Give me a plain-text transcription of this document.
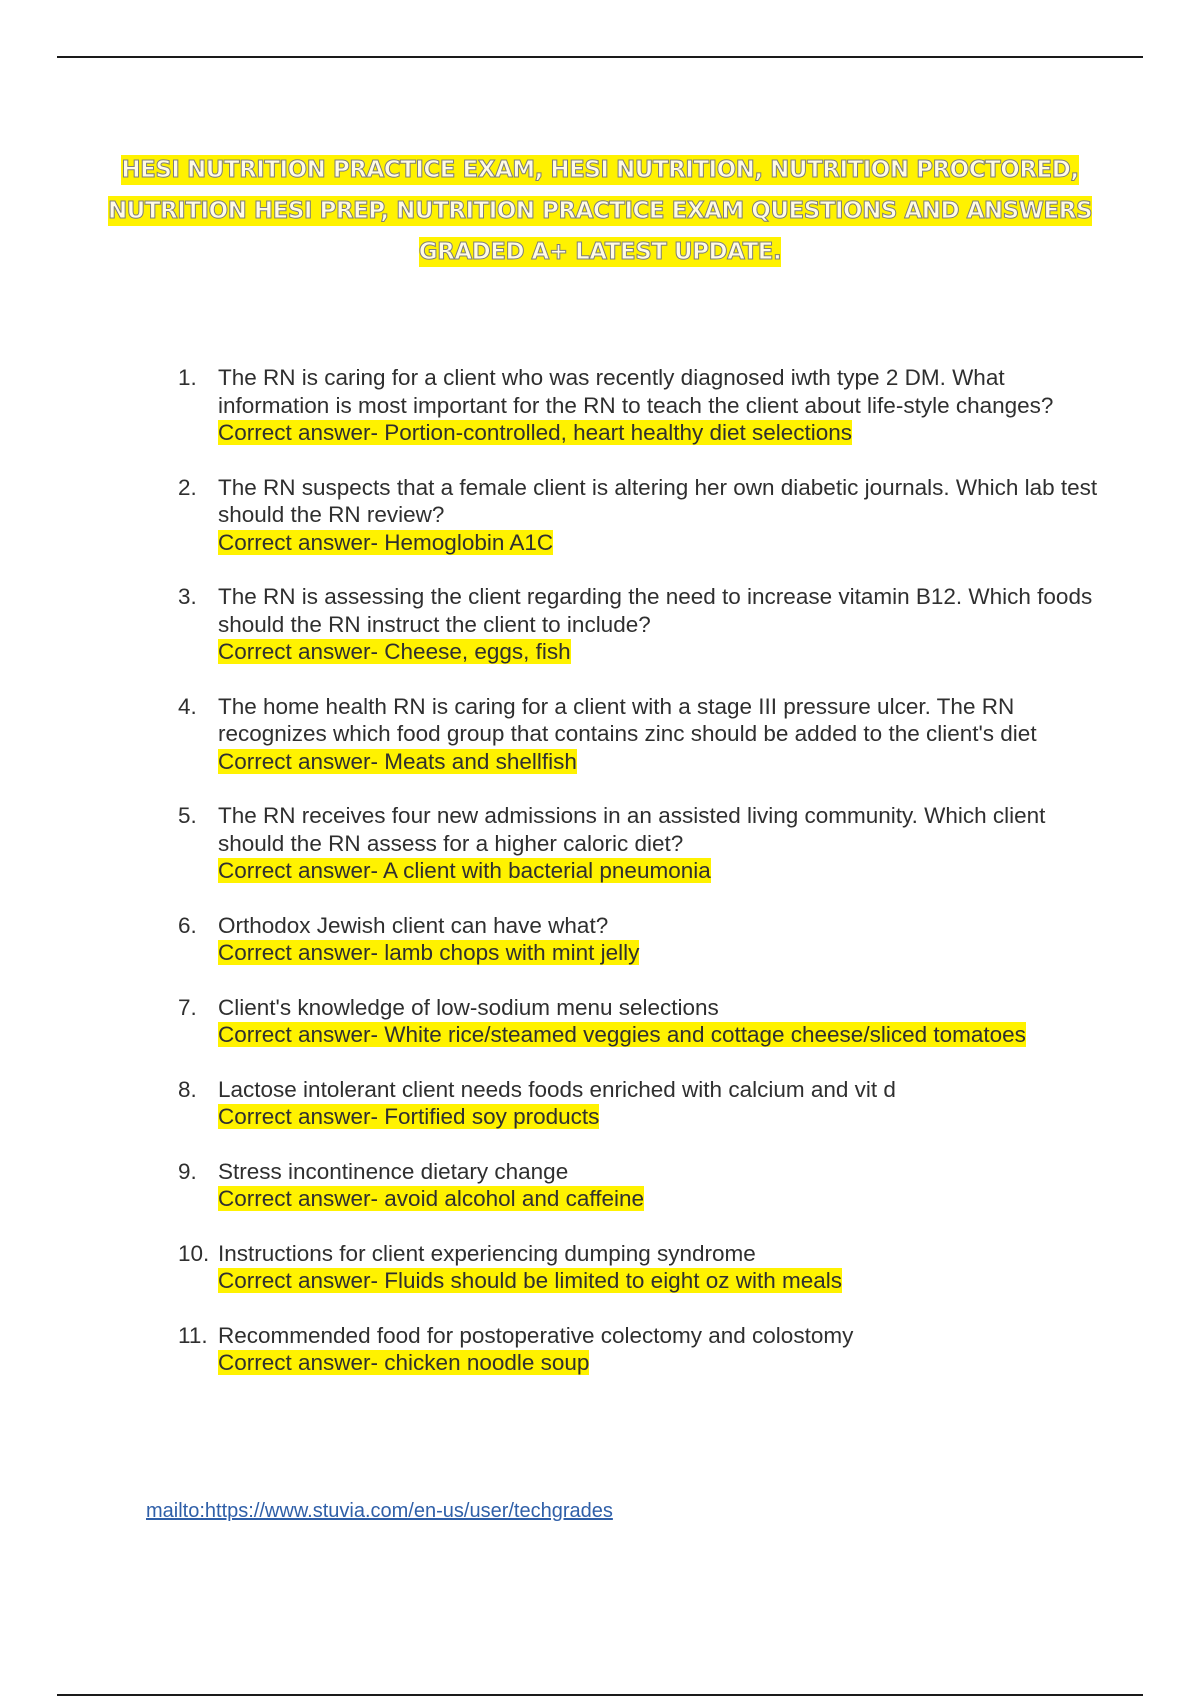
HESI NUTRITION PRACTICE EXAM, HESI NUTRITION, NUTRITION PROCTORED,
NUTRITION HESI PREP, NUTRITION PRACTICE EXAM QUESTIONS AND ANSWERS
GRADED A+ LATEST UPDATE.
1. The RN is caring for a client who was recently diagnosed iwth type 2 DM. What information is most important for the RN to teach the client about life-style changes?
Correct answer- Portion-controlled, heart healthy diet selections
2. The RN suspects that a female client is altering her own diabetic journals. Which lab test should the RN review?
Correct answer- Hemoglobin A1C
3. The RN is assessing the client regarding the need to increase vitamin B12. Which foods should the RN instruct the client to include?
Correct answer- Cheese, eggs, fish
4. The home health RN is caring for a client with a stage III pressure ulcer. The RN recognizes which food group that contains zinc should be added to the client's diet
Correct answer- Meats and shellfish
5. The RN receives four new admissions in an assisted living community. Which client should the RN assess for a higher caloric diet?
Correct answer- A client with bacterial pneumonia
6. Orthodox Jewish client can have what?
Correct answer- lamb chops with mint jelly
7. Client's knowledge of low-sodium menu selections
Correct answer- White rice/steamed veggies and cottage cheese/sliced tomatoes
8. Lactose intolerant client needs foods enriched with calcium and vit d
Correct answer- Fortified soy products
9. Stress incontinence dietary change
Correct answer- avoid alcohol and caffeine
10. Instructions for client experiencing dumping syndrome
Correct answer- Fluids should be limited to eight oz with meals
11. Recommended food for postoperative colectomy and colostomy
Correct answer- chicken noodle soup
mailto:https://www.stuvia.com/en-us/user/techgrades
